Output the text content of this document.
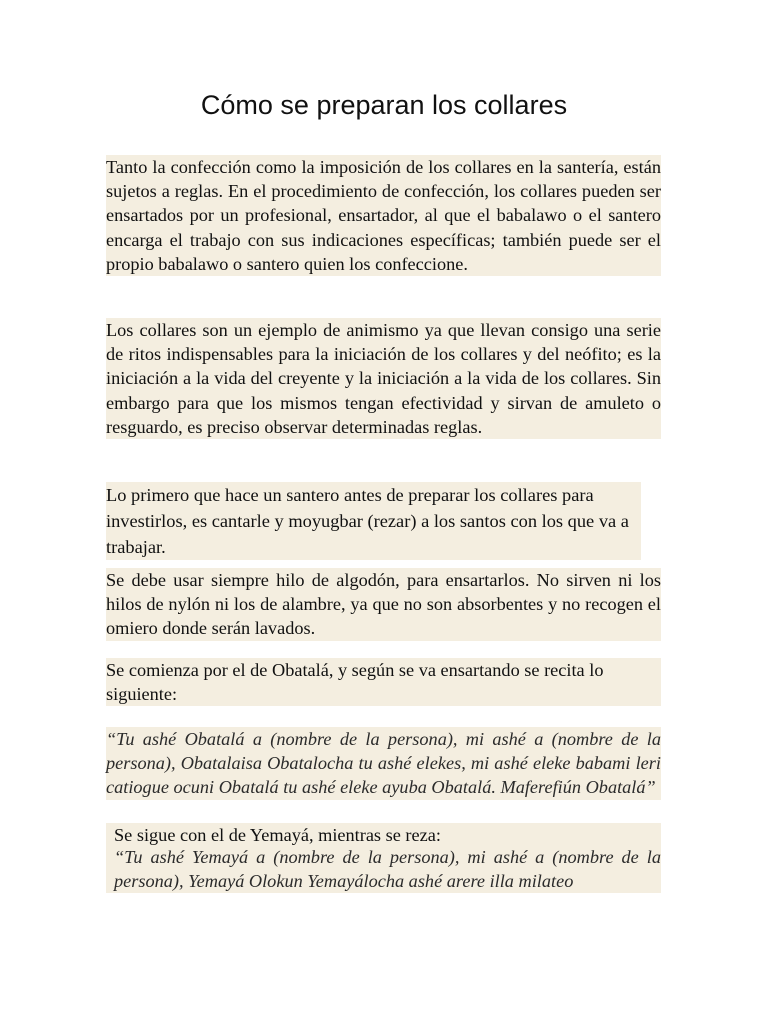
Cómo se preparan los collares

Tanto la confección como la imposición de los collares en la santería, están sujetos a reglas. En el procedimiento de confección, los collares pueden ser ensartados por un profesional, ensartador, al que el babalawo o el santero encarga el trabajo con sus indicaciones específicas; también puede ser el propio babalawo o santero quien los confeccione.

Los collares son un ejemplo de animismo ya que llevan consigo una serie de ritos indispensables para la iniciación de los collares y del neófito; es la iniciación a la vida del creyente y la iniciación a la vida de los collares. Sin embargo para que los mismos tengan efectividad y sirvan de amuleto o resguardo, es preciso observar determinadas reglas.

Lo primero que hace un santero antes de preparar los collares para investirlos, es cantarle y moyugbar (rezar) a los santos con los que va a trabajar.

Se debe usar siempre hilo de algodón, para ensartarlos. No sirven ni los hilos de nylón ni los de alambre, ya que no son absorbentes y no recogen el omiero donde serán lavados.

Se comienza por el de Obatalá, y según se va ensartando se recita lo siguiente:

“Tu ashé Obatalá a (nombre de la persona), mi ashé a (nombre de la persona), Obatalaisa Obatalocha tu ashé elekes, mi ashé eleke babami leri catiogue ocuni Obatalá tu ashé eleke ayuba Obatalá. Maferefiún Obatalá”

Se sigue con el de Yemayá, mientras se reza:

“Tu ashé Yemayá a (nombre de la persona), mi ashé a (nombre de la persona), Yemayá Olokun Yemayálocha ashé arere illa milateo
